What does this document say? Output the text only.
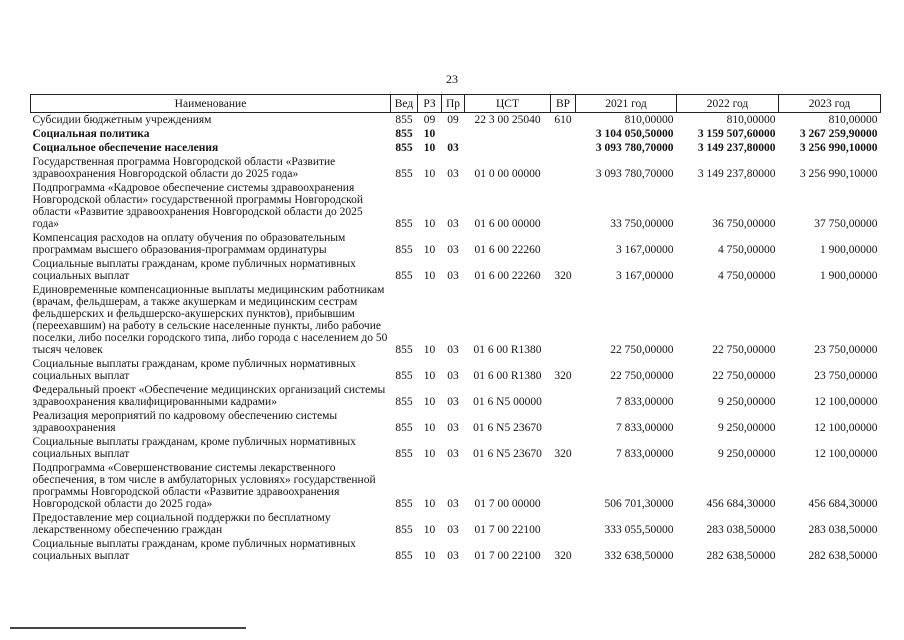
23
Наименование	Вед	РЗ	Пр	ЦСТ	ВР	2021 год	2022 год	2023 год
Субсидии бюджетным учреждениям	855	09	09	22 3 00 25040	610	810,00000	810,00000	810,00000
Социальная политика	855	10				3 104 050,50000	3 159 507,60000	3 267 259,90000
Социальное обеспечение населения	855	10	03			3 093 780,70000	3 149 237,80000	3 256 990,10000
Государственная программа Новгородской области «Развитие здравоохранения Новгородской области до 2025 года»	855	10	03	01 0 00 00000		3 093 780,70000	3 149 237,80000	3 256 990,10000
Подпрограмма «Кадровое обеспечение системы здравоохранения Новгородской области» государственной программы Новгородской области «Развитие здравоохранения Новгородской области до 2025 года»	855	10	03	01 6 00 00000		33 750,00000	36 750,00000	37 750,00000
Компенсация расходов на оплату обучения по образовательным программам высшего образования-программам ординатуры	855	10	03	01 6 00 22260		3 167,00000	4 750,00000	1 900,00000
Социальные выплаты гражданам, кроме публичных нормативных социальных выплат	855	10	03	01 6 00 22260	320	3 167,00000	4 750,00000	1 900,00000
Единовременные компенсационные выплаты медицинским работникам (врачам, фельдшерам, а также акушеркам и медицинским сестрам фельдшерских и фельдшерско-акушерских пунктов), прибывшим (переехавшим) на работу в сельские населенные пункты, либо рабочие поселки, либо поселки городского типа, либо города с населением до 50 тысяч человек	855	10	03	01 6 00 R1380		22 750,00000	22 750,00000	23 750,00000
Социальные выплаты гражданам, кроме публичных нормативных социальных выплат	855	10	03	01 6 00 R1380	320	22 750,00000	22 750,00000	23 750,00000
Федеральный проект «Обеспечение медицинских организаций системы здравоохранения квалифицированными кадрами»	855	10	03	01 6 N5 00000		7 833,00000	9 250,00000	12 100,00000
Реализация мероприятий по кадровому обеспечению системы здравоохранения	855	10	03	01 6 N5 23670		7 833,00000	9 250,00000	12 100,00000
Социальные выплаты гражданам, кроме публичных нормативных социальных выплат	855	10	03	01 6 N5 23670	320	7 833,00000	9 250,00000	12 100,00000
Подпрограмма «Совершенствование системы лекарственного обеспечения, в том числе в амбулаторных условиях» государственной программы Новгородской области «Развитие здравоохранения Новгородской области до 2025 года»	855	10	03	01 7 00 00000		506 701,30000	456 684,30000	456 684,30000
Предоставление мер социальной поддержки по бесплатному лекарственному обеспечению граждан	855	10	03	01 7 00 22100		333 055,50000	283 038,50000	283 038,50000
Социальные выплаты гражданам, кроме публичных нормативных социальных выплат	855	10	03	01 7 00 22100	320	332 638,50000	282 638,50000	282 638,50000
